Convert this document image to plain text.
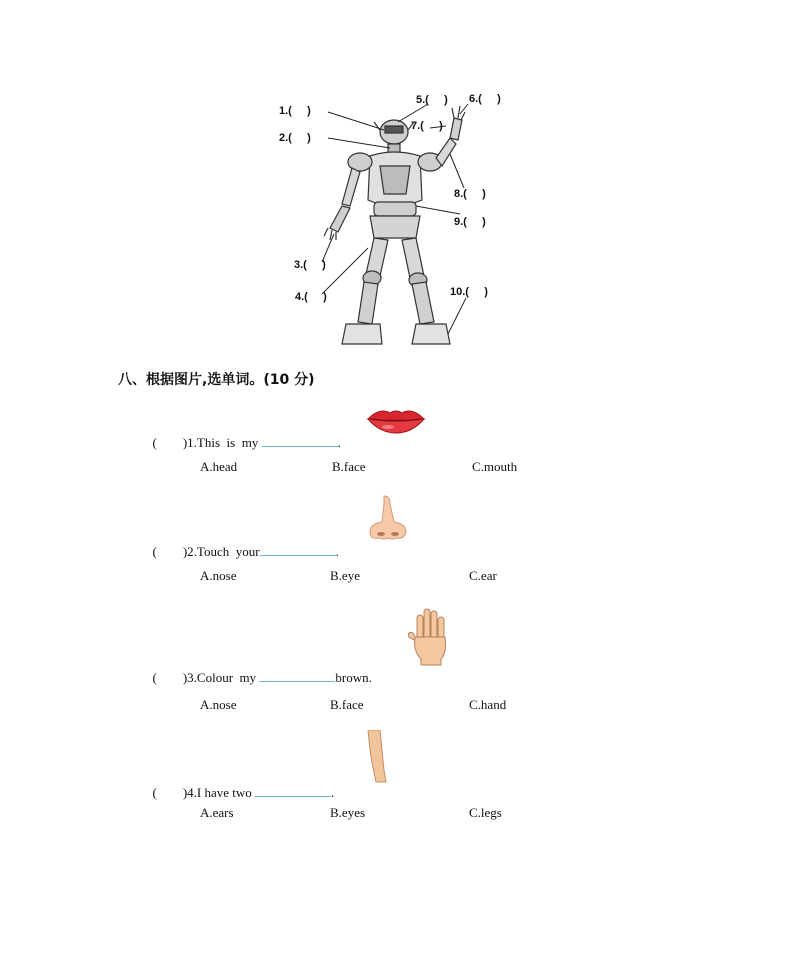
1.(     )
2.(     )
3.(     )
4.(     )
5.(     ) 6.(     )
7.(     )
8.(     )
9.(     )
10.(     )
八、根据图片,选单词。(10 分)

(        )1.This  is  my	.

A.head	B.face	C.mouth

(        )2.Touch  your	.

A.nose	B.eye	C.ear

(        )3.Colour  my	brown.

A.nose	B.face	C.hand

(        )4.I have two	.

A.ears	B.eyes	C.legs
